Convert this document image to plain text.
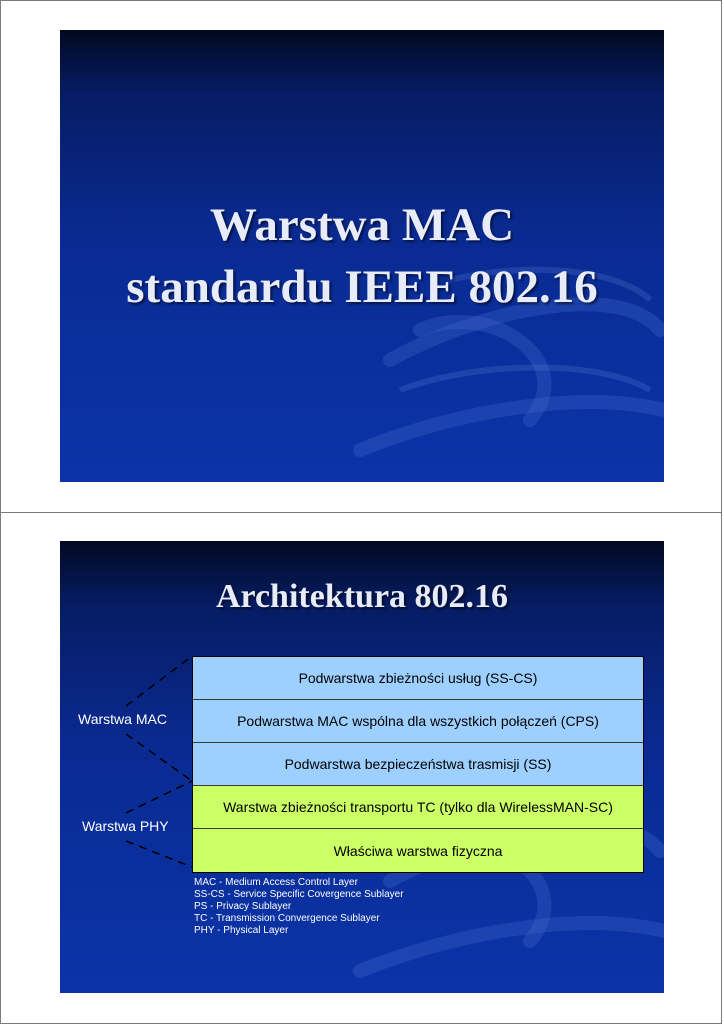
Warstwa MAC
standardu IEEE 802.16
Architektura 802.16
Warstwa MAC
Warstwa PHY
Podwarstwa zbieżności usług (SS-CS)
Podwarstwa MAC wspólna dla wszystkich połączeń (CPS)
Podwarstwa bezpieczeństwa trasmisji (SS)
Warstwa zbieżności transportu TC (tylko dla WirelessMAN-SC)
Właściwa warstwa fizyczna
MAC - Medium Access Control Layer
SS-CS - Service Specific Covergence Sublayer
PS - Privacy Sublayer
TC - Transmission Convergence Sublayer
PHY - Physical Layer
